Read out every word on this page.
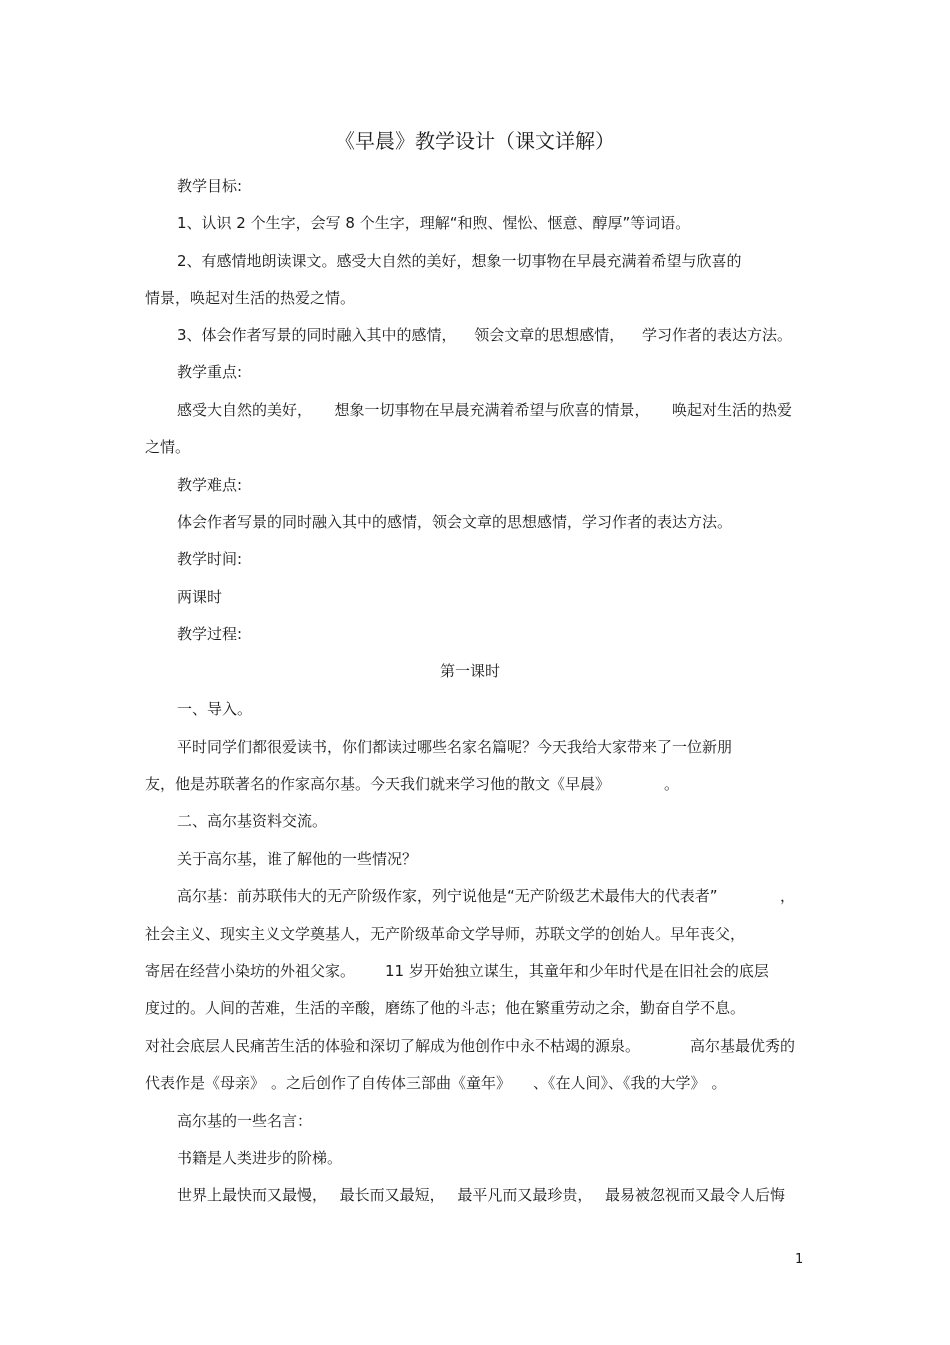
《早晨》教学设计（课文详解）
教学目标:
1、认识 2 个生字，会写 8 个生字，理解“和煦、惺忪、惬意、醇厚”等词语。
2、有感情地朗读课文。感受大自然的美好，想象一切事物在早晨充满着希望与欣喜的
情景，唤起对生活的热爱之情。
3、体会作者写景的同时融入其中的感情， 领会文章的思想感情， 学习作者的表达方法。
教学重点:
感受大自然的美好， 想象一切事物在早晨充满着希望与欣喜的情景， 唤起对生活的热爱
之情。
教学难点:
体会作者写景的同时融入其中的感情，领会文章的思想感情，学习作者的表达方法。
教学时间:
两课时
教学过程:
第一课时
一、导入。
平时同学们都很爱读书，你们都读过哪些名家名篇呢？今天我给大家带来了一位新朋
友，他是苏联著名的作家高尔基。今天我们就来学习他的散文《早晨》	。
二、高尔基资料交流。
关于高尔基，谁了解他的一些情况？
高尔基：前苏联伟大的无产阶级作家，列宁说他是“无产阶级艺术最伟大的代表者”	，
社会主义、现实主义文学奠基人，无产阶级革命文学导师，苏联文学的创始人。早年丧父，
寄居在经营小染坊的外祖父家。 11 岁开始独立谋生，其童年和少年时代是在旧社会的底层
度过的。人间的苦难，生活的辛酸，磨练了他的斗志；他在繁重劳动之余，勤奋自学不息。
对社会底层人民痛苦生活的体验和深切了解成为他创作中永不枯竭的源泉。	高尔基最优秀的
代表作是《母亲》 。之后创作了自传体三部曲《童年》 、《在人间》、《我的大学》 。
高尔基的一些名言：
书籍是人类进步的阶梯。
世界上最快而又最慢， 最长而又最短， 最平凡而又最珍贵， 最易被忽视而又最令人后悔
1
